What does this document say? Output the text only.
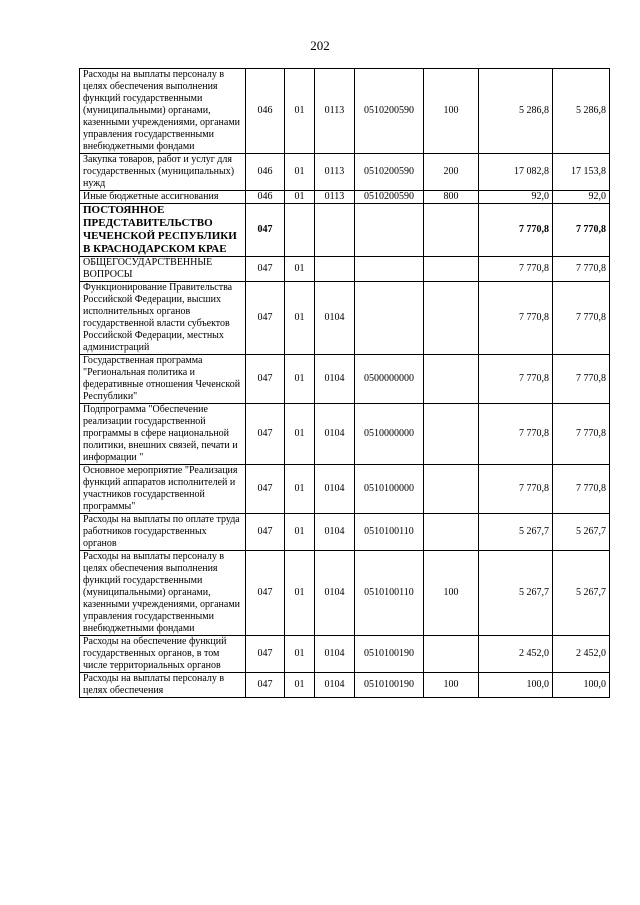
202
Расходы на выплаты персоналу в целях обеспечения выполнения функций государственными (муниципальными) органами, казенными учреждениями, органами управления государственными внебюджетными фондами	046	01	0113	0510200590	100	5 286,8	5 286,8
Закупка товаров, работ и услуг для государственных (муниципальных) нужд	046	01	0113	0510200590	200	17 082,8	17 153,8
Иные бюджетные ассигнования	046	01	0113	0510200590	800	92,0	92,0
ПОСТОЯННОЕ ПРЕДСТАВИТЕЛЬСТВО ЧЕЧЕНСКОЙ РЕСПУБЛИКИ В КРАСНОДАРСКОМ КРАЕ	047					7 770,8	7 770,8
ОБЩЕГОСУДАРСТВЕННЫЕ ВОПРОСЫ	047	01				7 770,8	7 770,8
Функционирование Правительства Российской Федерации, высших исполнительных органов государственной власти субъектов Российской Федерации, местных администраций	047	01	0104			7 770,8	7 770,8
Государственная программа "Региональная политика и федеративные отношения Чеченской Республики"	047	01	0104	0500000000		7 770,8	7 770,8
Подпрограмма "Обеспечение реализации государственной программы в сфере национальной политики, внешних связей, печати и информации "	047	01	0104	0510000000		7 770,8	7 770,8
Основное мероприятие "Реализация функций аппаратов исполнителей и участников государственной программы"	047	01	0104	0510100000		7 770,8	7 770,8
Расходы на выплаты по оплате труда работников государственных органов	047	01	0104	0510100110		5 267,7	5 267,7
Расходы на выплаты персоналу в целях обеспечения выполнения функций государственными (муниципальными) органами, казенными учреждениями, органами управления государственными внебюджетными фондами	047	01	0104	0510100110	100	5 267,7	5 267,7
Расходы на обеспечение функций государственных органов, в том числе территориальных органов	047	01	0104	0510100190		2 452,0	2 452,0
Расходы на выплаты персоналу в целях обеспечения	047	01	0104	0510100190	100	100,0	100,0
